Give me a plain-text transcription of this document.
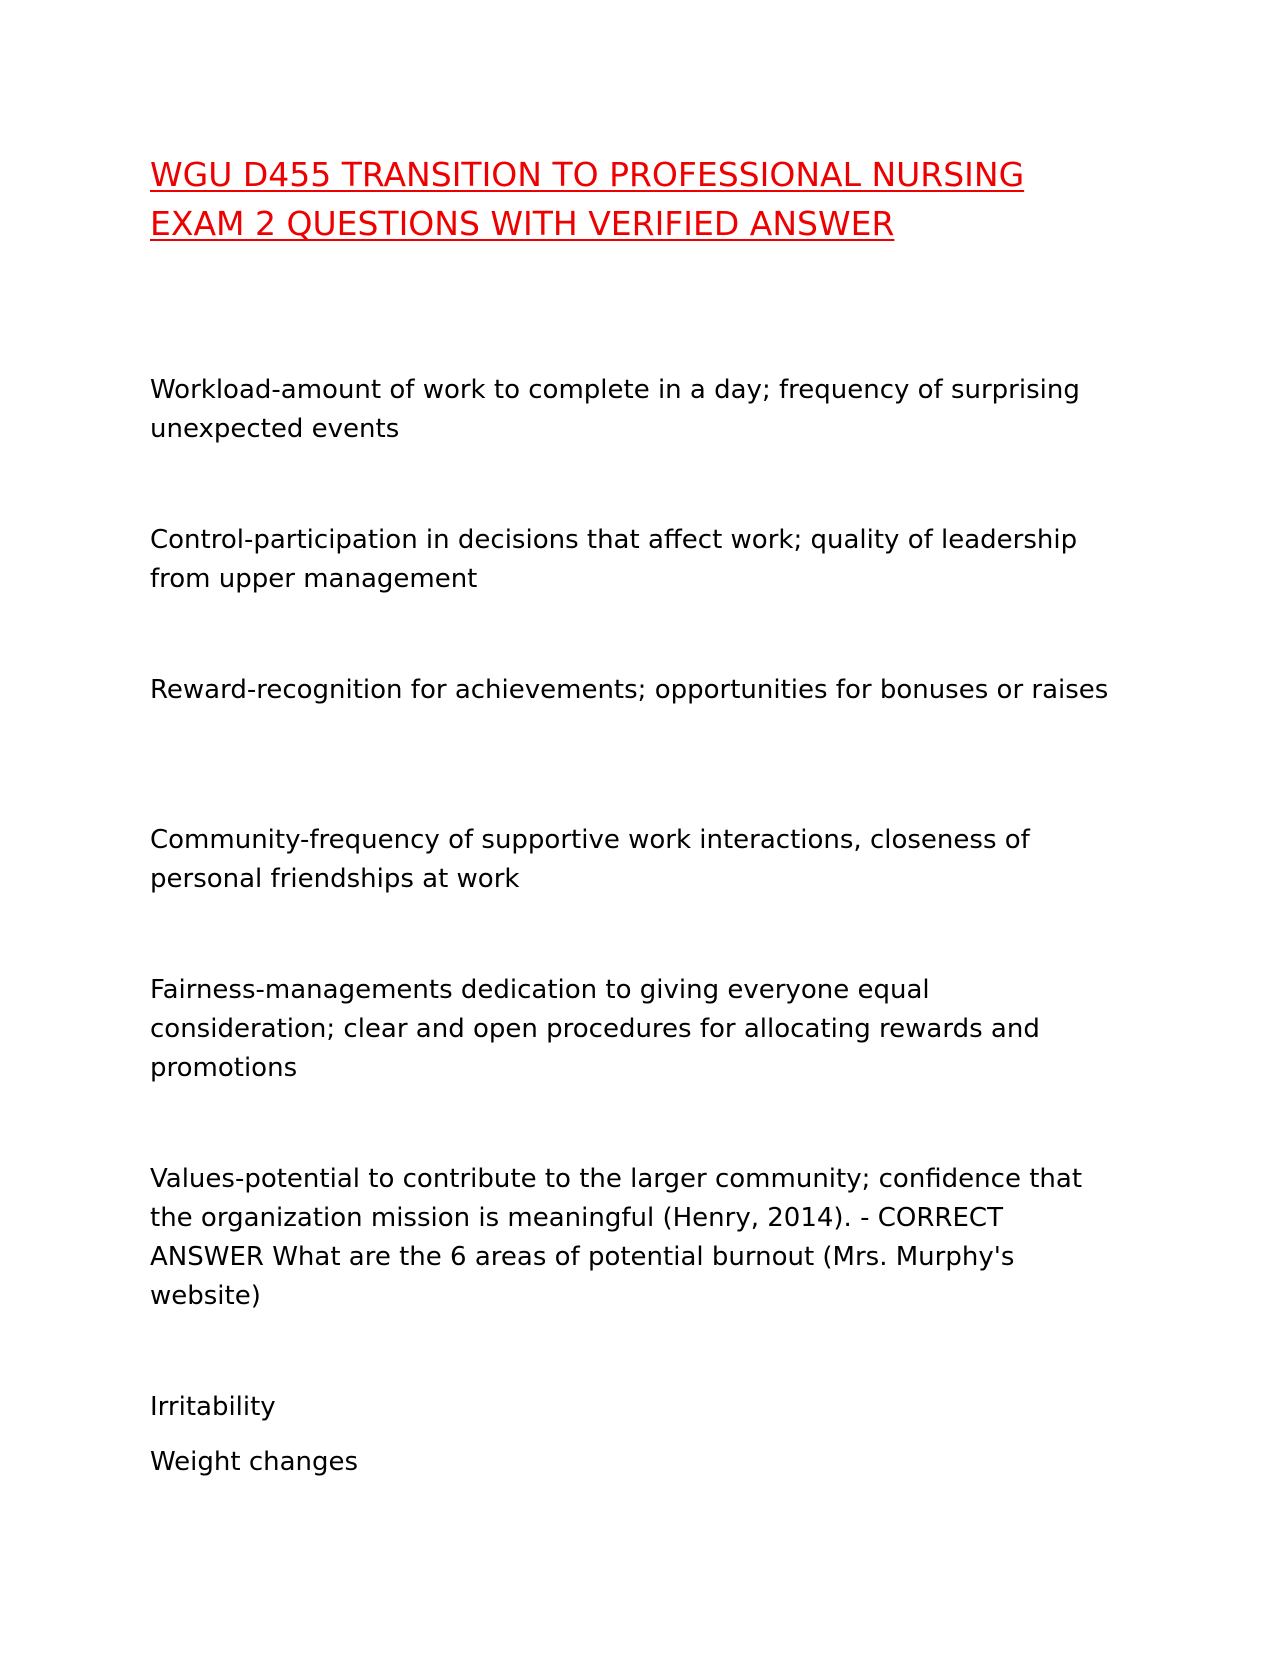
WGU D455 TRANSITION TO PROFESSIONAL NURSING EXAM 2 QUESTIONS WITH VERIFIED ANSWER

Workload-amount of work to complete in a day; frequency of surprising unexpected events

Control-participation in decisions that affect work; quality of leadership from upper management

Reward-recognition for achievements; opportunities for bonuses or raises

Community-frequency of supportive work interactions, closeness of personal friendships at work

Fairness-managements dedication to giving everyone equal consideration; clear and open procedures for allocating rewards and promotions

Values-potential to contribute to the larger community; confidence that the organization mission is meaningful (Henry, 2014). - CORRECT ANSWER What are the 6 areas of potential burnout (Mrs. Murphy's website)

Irritability

Weight changes
